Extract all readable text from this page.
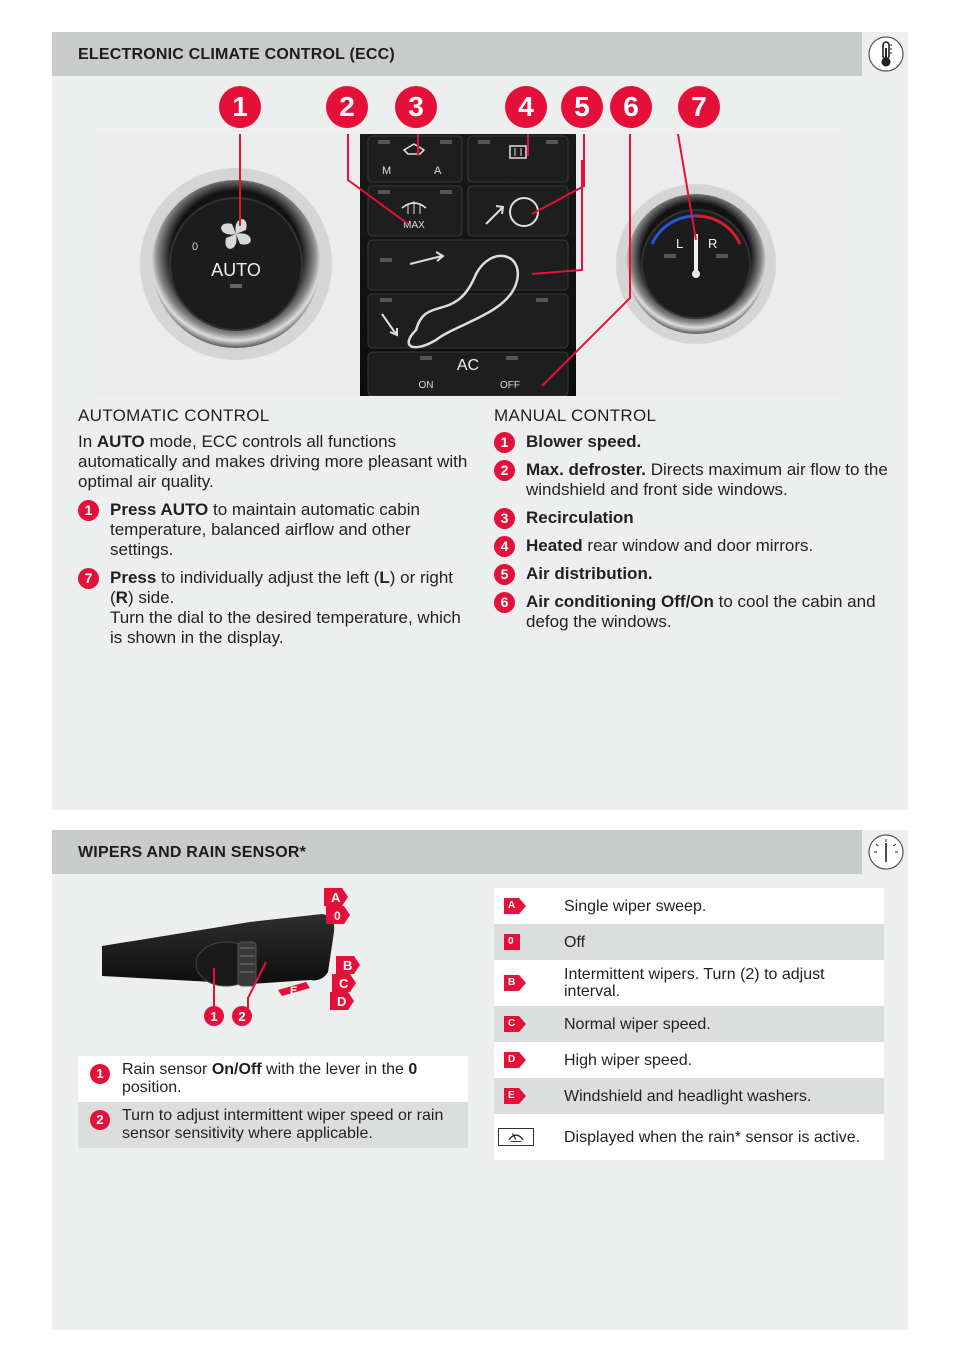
ELECTRONIC CLIMATE CONTROL (ECC)
1	2	3	4	5	6	7
AUTO
0
M	A
MAX
AC
ON	OFF
L R
AUTOMATIC CONTROL

In AUTO mode, ECC controls all functions automatically and makes driving more pleasant with optimal air quality.

1	Press AUTO to maintain automatic cabin temperature, balanced airflow and other settings.
7	Press to individually adjust the left (L) or right (R) side.
Turn the dial to the desired temperature, which is shown in the display.
MANUAL CONTROL
1	Blower speed.
2	Max. defroster. Directs maximum air flow to the windshield and front side windows.
3	Recirculation
4	Heated rear window and door mirrors.
5	Air distribution.
6	Air conditioning Off/On to cool the cabin and defog the windows.
WIPERS AND RAIN SENSOR*
A
0
B
C
D
E
1 2
1	Rain sensor On/Off with the lever in the 0 position.
2	Turn to adjust intermittent wiper speed or rain sensor sensitivity where applicable.
A	Single wiper sweep.
0	Off
B	Intermittent wipers. Turn (2) to adjust interval.
C	Normal wiper speed.
D	High wiper speed.
E	Windshield and headlight washers.
Displayed when the rain* sensor is active.
